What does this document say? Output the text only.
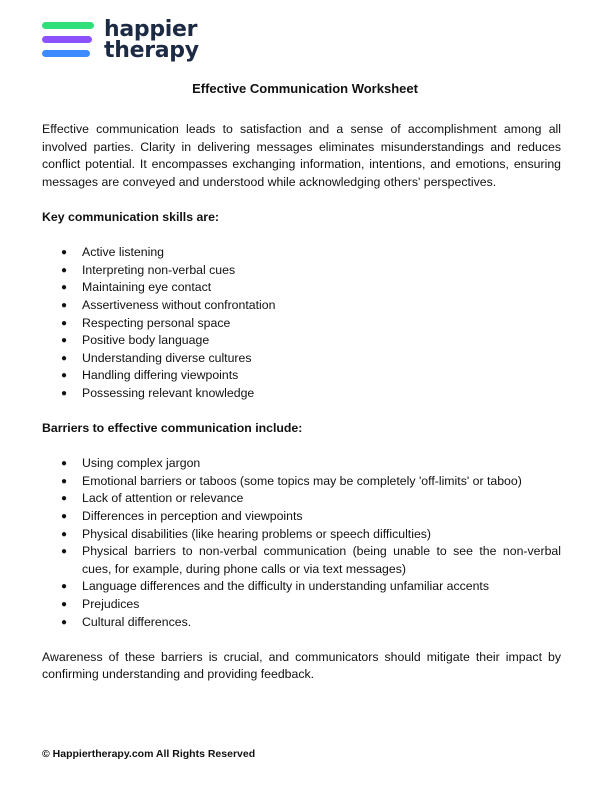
happier
therapy
Effective Communication Worksheet

Effective communication leads to satisfaction and a sense of accomplishment among all involved parties. Clarity in delivering messages eliminates misunderstandings and reduces conflict potential. It encompasses exchanging information, intentions, and emotions, ensuring messages are conveyed and understood while acknowledging others' perspectives.

Key communication skills are:

● Active listening
● Interpreting non-verbal cues
● Maintaining eye contact
● Assertiveness without confrontation
● Respecting personal space
● Positive body language
● Understanding diverse cultures
● Handling differing viewpoints
● Possessing relevant knowledge

Barriers to effective communication include:

● Using complex jargon
● Emotional barriers or taboos (some topics may be completely 'off-limits' or taboo)
● Lack of attention or relevance
● Differences in perception and viewpoints
● Physical disabilities (like hearing problems or speech difficulties)
● Physical barriers to non-verbal communication (being unable to see the non-verbal cues, for example, during phone calls or via text messages)
● Language differences and the difficulty in understanding unfamiliar accents
● Prejudices
● Cultural differences.

Awareness of these barriers is crucial, and communicators should mitigate their impact by confirming understanding and providing feedback.

© Happiertherapy.com All Rights Reserved
